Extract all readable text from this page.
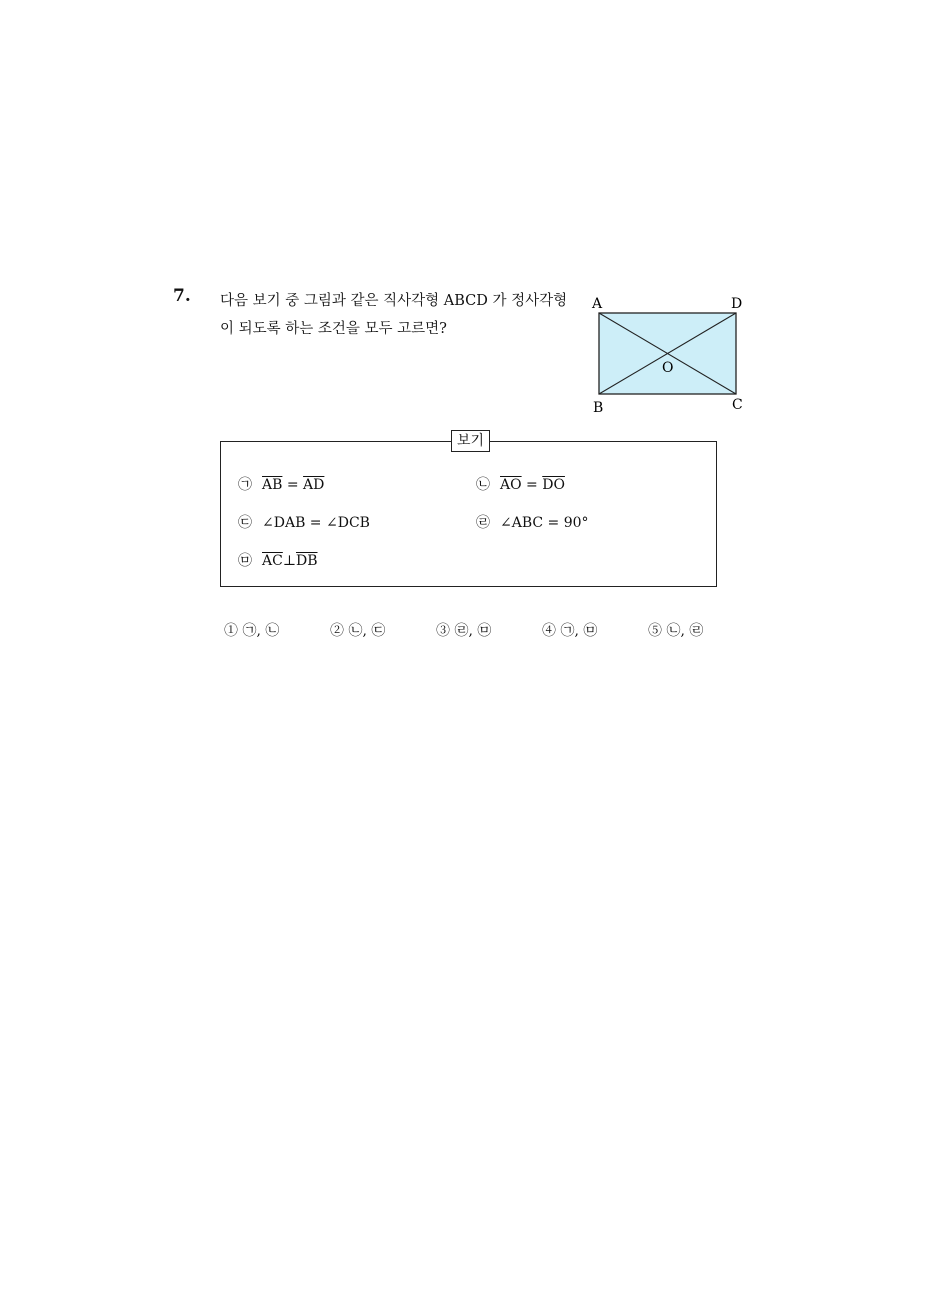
7. 다음 보기 중 그림과 같은 직사각형 ABCD 가 정사각형이 되도록 하는 조건을 모두 고르면?
A	D
B	C
O
보기
㉠ $\overline{AB} = \overline{AD}$	㉡ $\overline{AO} = \overline{DO}$
㉢ ∠DAB = ∠DCB	㉣ ∠ABC = 90°
㉤ $\overline{AC}\perp\overline{DB}$
① ㉠, ㉡	② ㉡, ㉢	③ ㉣, ㉤	④ ㉠, ㉤	⑤ ㉡, ㉣
